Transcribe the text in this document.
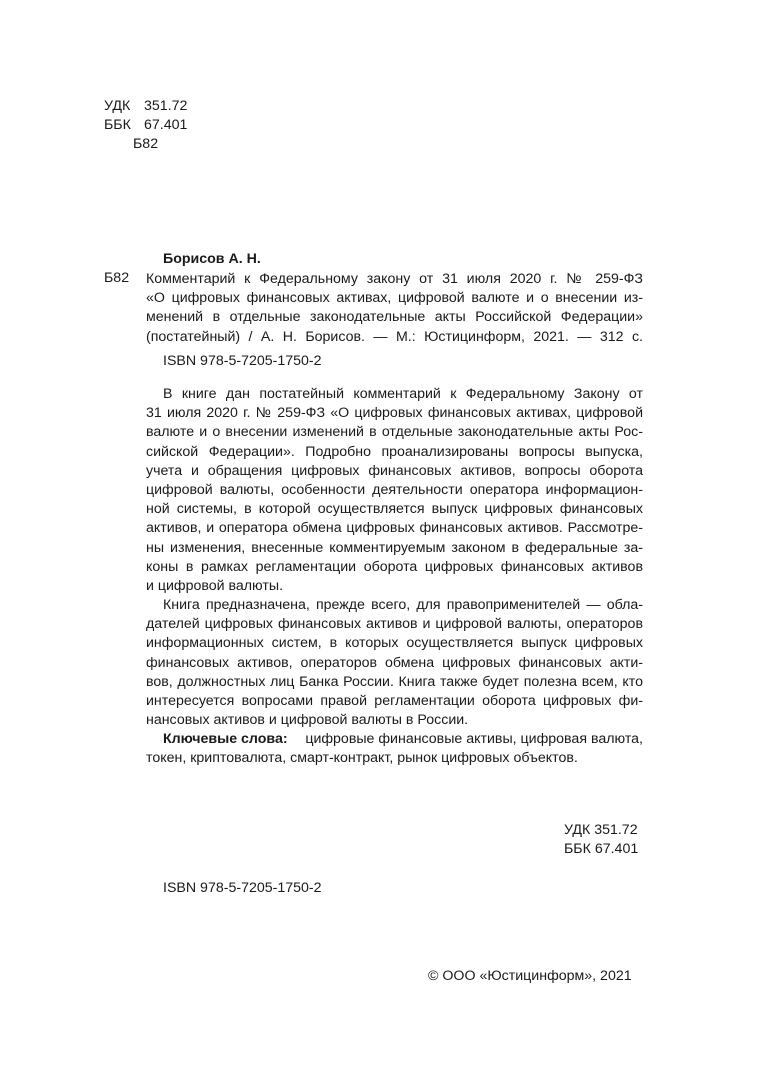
УДК 351.72
ББК 67.401
Б82
Борисов А. Н.
Б82 Комментарий к Федеральному закону от 31 июля 2020 г. № 259-ФЗ
«О цифровых финансовых активах, цифровой валюте и о внесении из-
менений в отдельные законодательные акты Российской Федерации»
(постатейный) / А. Н. Борисов. — М.: Юстицинформ, 2021. — 312 с.
ISBN 978-5-7205-1750-2
В книге дан постатейный комментарий к Федеральному Закону от
31 июля 2020 г. № 259-ФЗ «О цифровых финансовых активах, цифровой
валюте и о внесении изменений в отдельные законодательные акты Рос-
сийской Федерации». Подробно проанализированы вопросы выпуска,
учета и обращения цифровых финансовых активов, вопросы оборота
цифровой валюты, особенности деятельности оператора информацион-
ной системы, в которой осуществляется выпуск цифровых финансовых
активов, и оператора обмена цифровых финансовых активов. Рассмотре-
ны изменения, внесенные комментируемым законом в федеральные за-
коны в рамках регламентации оборота цифровых финансовых активов
и цифровой валюты.
Книга предназначена, прежде всего, для правоприменителей — обла-
дателей цифровых финансовых активов и цифровой валюты, операторов
информационных систем, в которых осуществляется выпуск цифровых
финансовых активов, операторов обмена цифровых финансовых акти-
вов, должностных лиц Банка России. Книга также будет полезна всем, кто
интересуется вопросами правой регламентации оборота цифровых фи-
нансовых активов и цифровой валюты в России.
Ключевые слова: цифровые финансовые активы, цифровая валюта,
токен, криптовалюта, смарт-контракт, рынок цифровых объектов.
УДК 351.72
ББК 67.401
ISBN 978-5-7205-1750-2
© ООО «Юстицинформ», 2021
